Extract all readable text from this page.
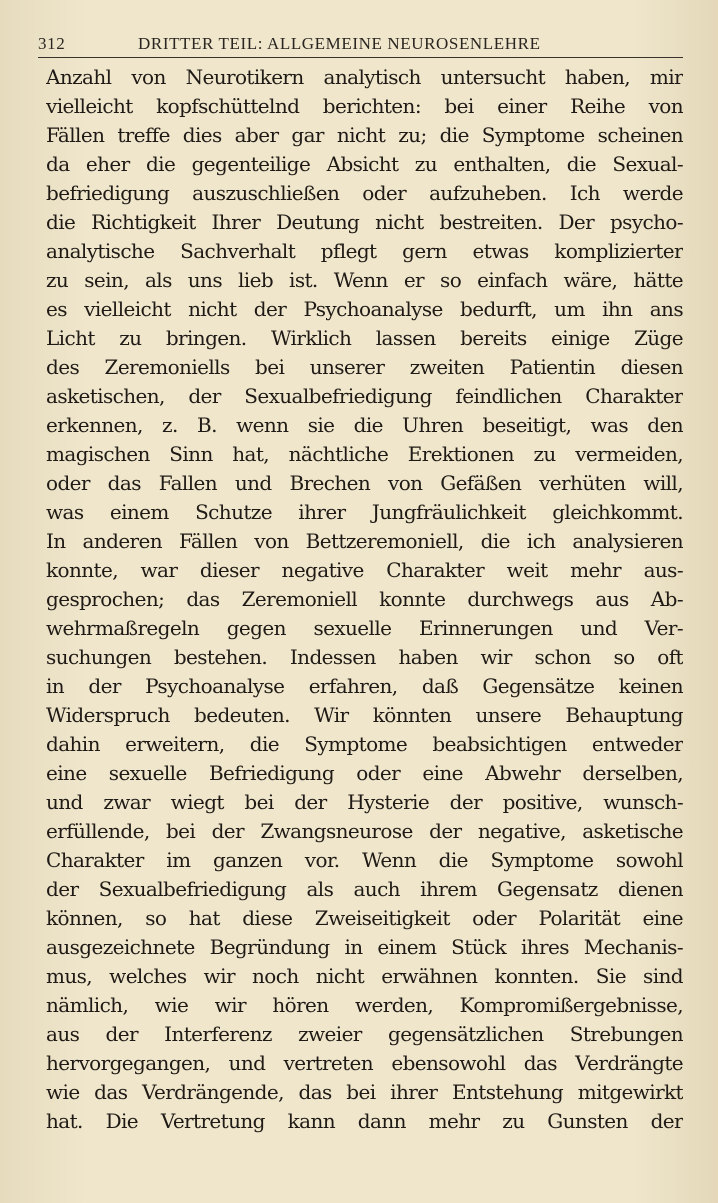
312	DRITTER TEIL: ALLGEMEINE NEUROSENLEHRE
Anzahl von Neurotikern analytisch untersucht haben, mir
vielleicht kopfschüttelnd berichten: bei einer Reihe von
Fällen treffe dies aber gar nicht zu; die Symptome scheinen
da eher die gegenteilige Absicht zu enthalten, die Sexual-
befriedigung auszuschließen oder aufzuheben. Ich werde
die Richtigkeit Ihrer Deutung nicht bestreiten. Der psycho-
analytische Sachverhalt pflegt gern etwas komplizierter
zu sein, als uns lieb ist. Wenn er so einfach wäre, hätte
es vielleicht nicht der Psychoanalyse bedurft, um ihn ans
Licht zu bringen. Wirklich lassen bereits einige Züge
des Zeremoniells bei unserer zweiten Patientin diesen
asketischen, der Sexualbefriedigung feindlichen Charakter
erkennen, z. B. wenn sie die Uhren beseitigt, was den
magischen Sinn hat, nächtliche Erektionen zu vermeiden,
oder das Fallen und Brechen von Gefäßen verhüten will,
was einem Schutze ihrer Jungfräulichkeit gleichkommt.
In anderen Fällen von Bettzeremoniell, die ich analysieren
konnte, war dieser negative Charakter weit mehr aus-
gesprochen; das Zeremoniell konnte durchwegs aus Ab-
wehrmaßregeln gegen sexuelle Erinnerungen und Ver-
suchungen bestehen. Indessen haben wir schon so oft
in der Psychoanalyse erfahren, daß Gegensätze keinen
Widerspruch bedeuten. Wir könnten unsere Behauptung
dahin erweitern, die Symptome beabsichtigen entweder
eine sexuelle Befriedigung oder eine Abwehr derselben,
und zwar wiegt bei der Hysterie der positive, wunsch-
erfüllende, bei der Zwangsneurose der negative, asketische
Charakter im ganzen vor. Wenn die Symptome sowohl
der Sexualbefriedigung als auch ihrem Gegensatz dienen
können, so hat diese Zweiseitigkeit oder Polarität eine
ausgezeichnete Begründung in einem Stück ihres Mechanis-
mus, welches wir noch nicht erwähnen konnten. Sie sind
nämlich, wie wir hören werden, Kompromißergebnisse,
aus der Interferenz zweier gegensätzlichen Strebungen
hervorgegangen, und vertreten ebensowohl das Verdrängte
wie das Verdrängende, das bei ihrer Entstehung mitgewirkt
hat. Die Vertretung kann dann mehr zu Gunsten der
